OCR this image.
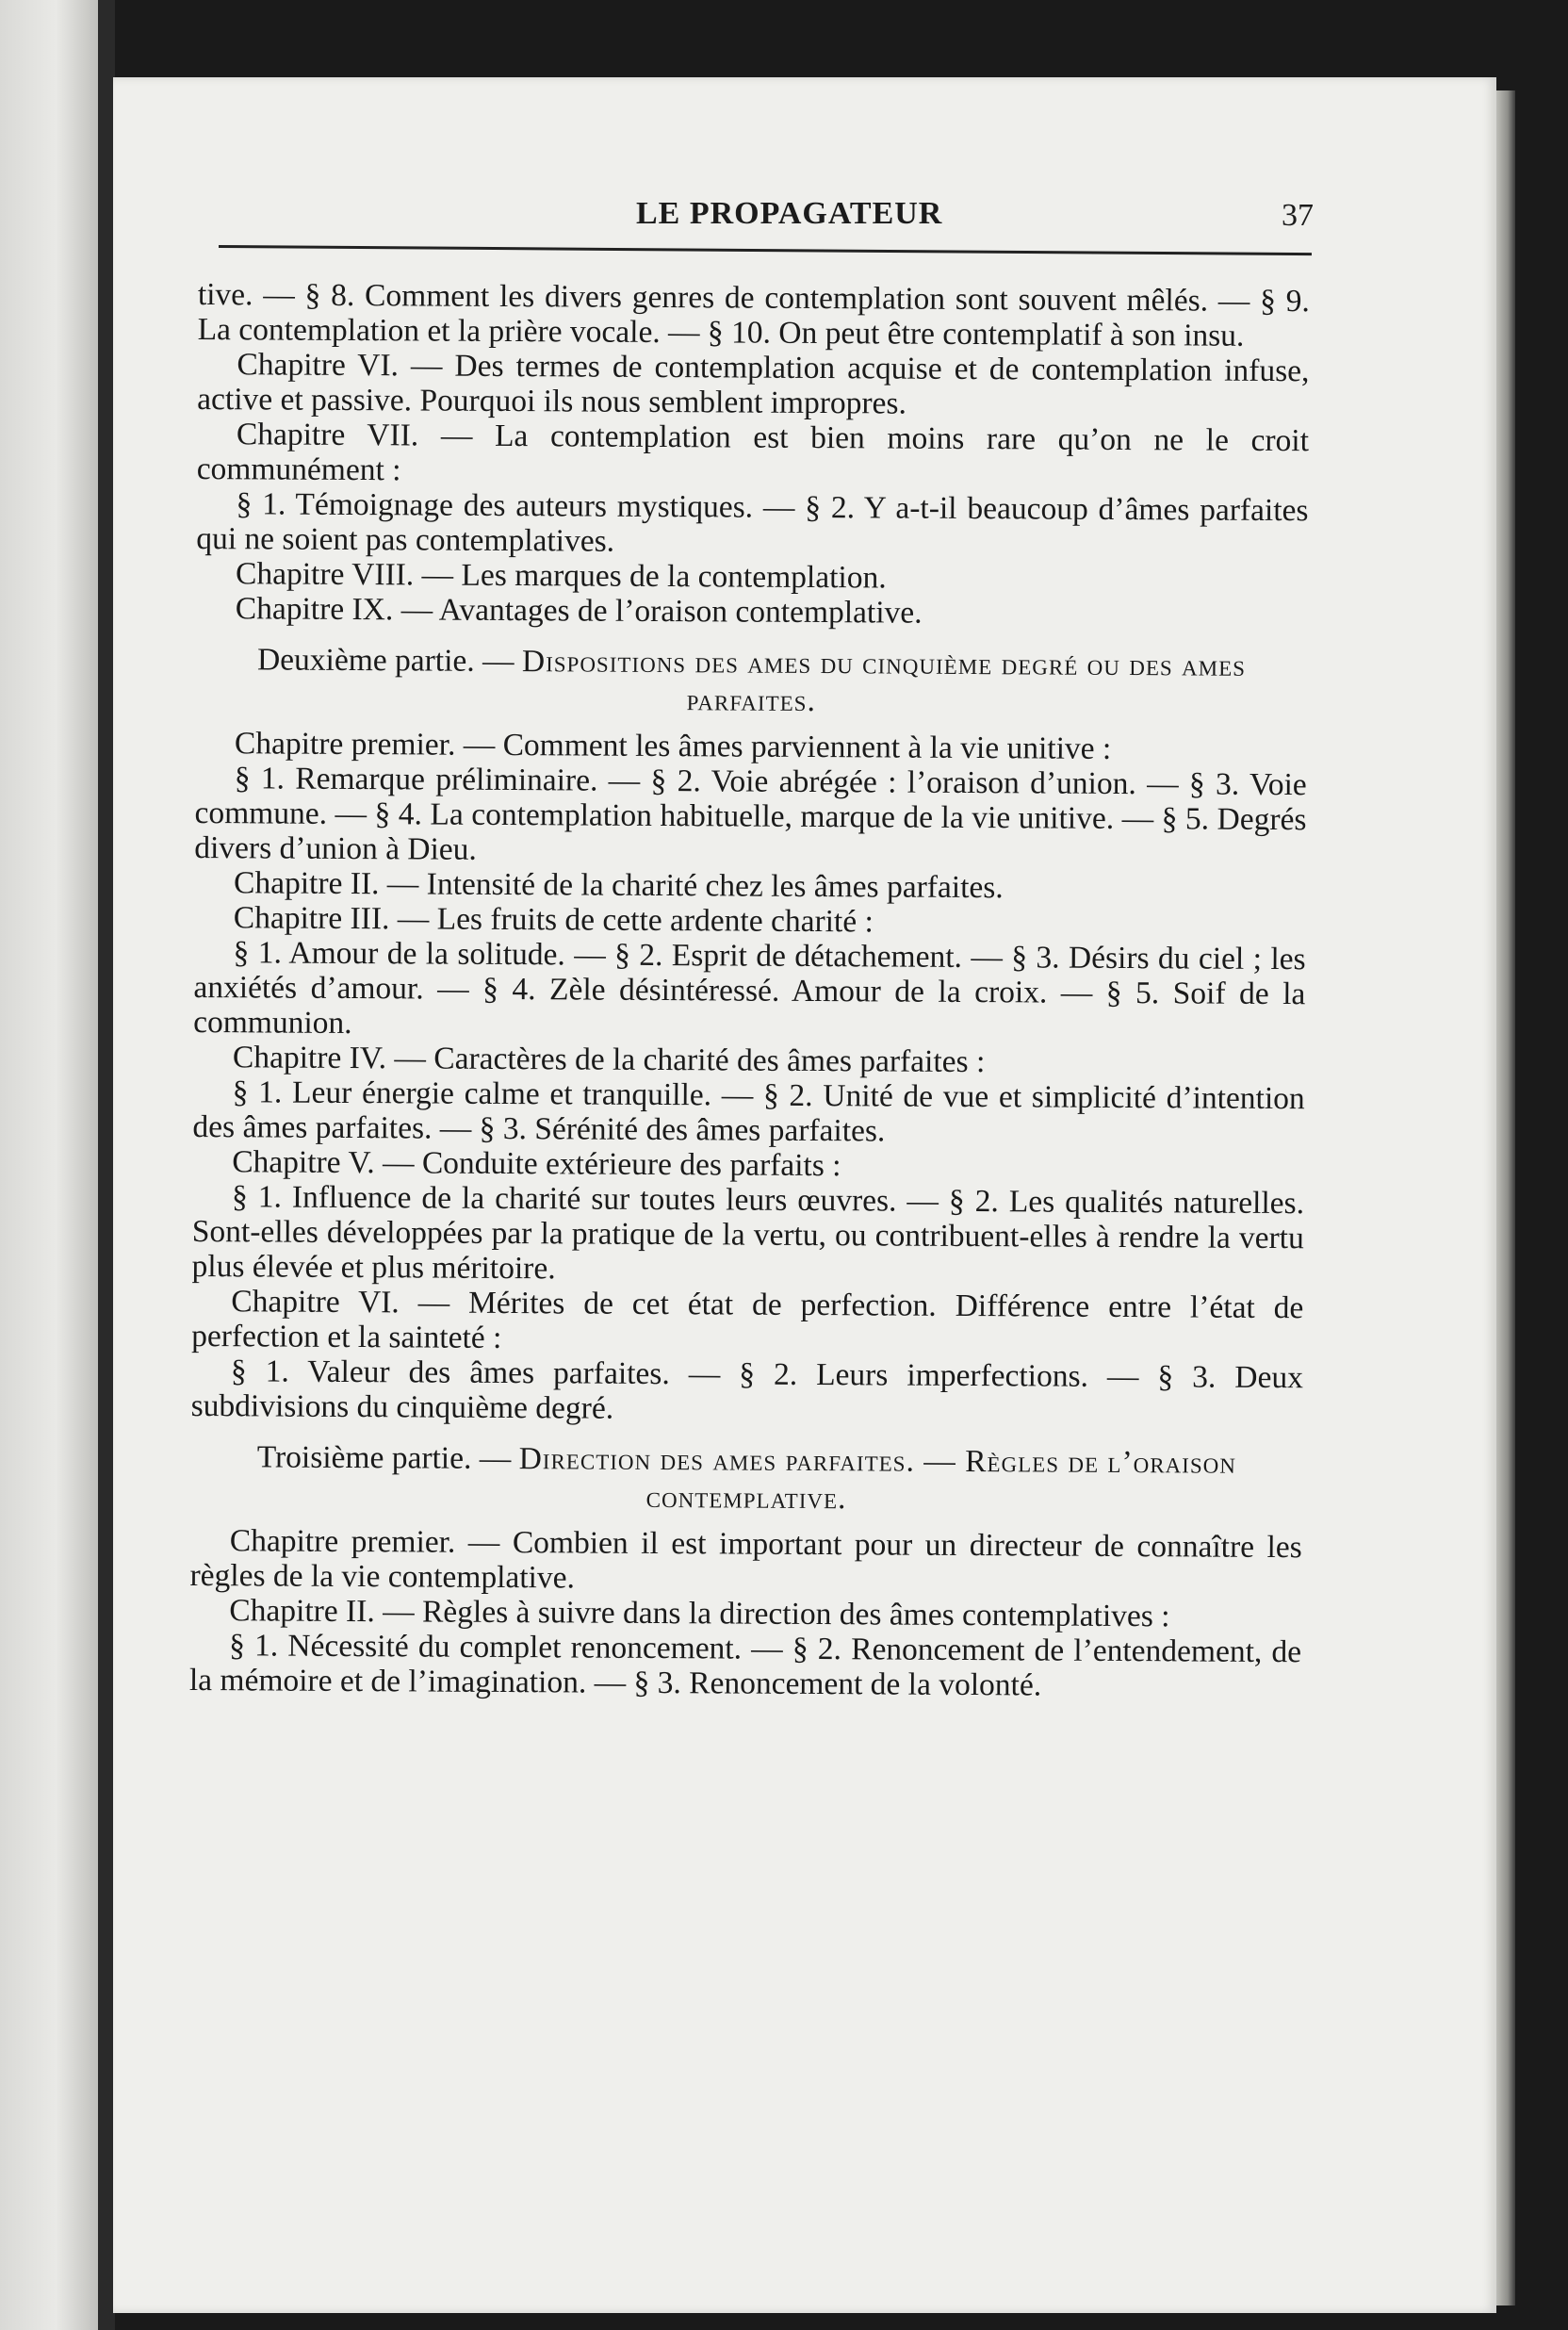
LE PROPAGATEUR	37

tive. — § 8. Comment les divers genres de contemplation sont souvent mêlés. — § 9. La contemplation et la prière vocale. — § 10. On peut être contemplatif à son insu.

Chapitre VI. — Des termes de contemplation acquise et de contemplation infuse, active et passive. Pourquoi ils nous semblent impropres.

Chapitre VII. — La contemplation est bien moins rare qu’on ne le croit communément :

§ 1. Témoignage des auteurs mystiques. — § 2. Y a-t-il beaucoup d’âmes parfaites qui ne soient pas contemplatives.

Chapitre VIII. — Les marques de la contemplation.

Chapitre IX. — Avantages de l’oraison contemplative.

Deuxième partie. — Dispositions des ames du cinquième degré ou des ames parfaites.

Chapitre premier. — Comment les âmes parviennent à la vie unitive :

§ 1. Remarque préliminaire. — § 2. Voie abrégée : l’oraison d’union. — § 3. Voie commune. — § 4. La contemplation habituelle, marque de la vie unitive. — § 5. Degrés divers d’union à Dieu.

Chapitre II. — Intensité de la charité chez les âmes parfaites.

Chapitre III. — Les fruits de cette ardente charité :

§ 1. Amour de la solitude. — § 2. Esprit de détachement. — § 3. Désirs du ciel ; les anxiétés d’amour. — § 4. Zèle désintéressé. Amour de la croix. — § 5. Soif de la communion.

Chapitre IV. — Caractères de la charité des âmes parfaites :

§ 1. Leur énergie calme et tranquille. — § 2. Unité de vue et simplicité d’intention des âmes parfaites. — § 3. Sérénité des âmes parfaites.

Chapitre V. — Conduite extérieure des parfaits :

§ 1. Influence de la charité sur toutes leurs œuvres. — § 2. Les qualités naturelles. Sont-elles développées par la pratique de la vertu, ou contribuent-elles à rendre la vertu plus élevée et plus méritoire.

Chapitre VI. — Mérites de cet état de perfection. Différence entre l’état de perfection et la sainteté :

§ 1. Valeur des âmes parfaites. — § 2. Leurs imperfections. — § 3. Deux subdivisions du cinquième degré.

Troisième partie. — Direction des ames parfaites. — Règles de l’oraison contemplative.

Chapitre premier. — Combien il est important pour un directeur de connaître les règles de la vie contemplative.

Chapitre II. — Règles à suivre dans la direction des âmes contemplatives :

§ 1. Nécessité du complet renoncement. — § 2. Renoncement de l’entendement, de la mémoire et de l’imagination. — § 3. Renoncement de la volonté.
